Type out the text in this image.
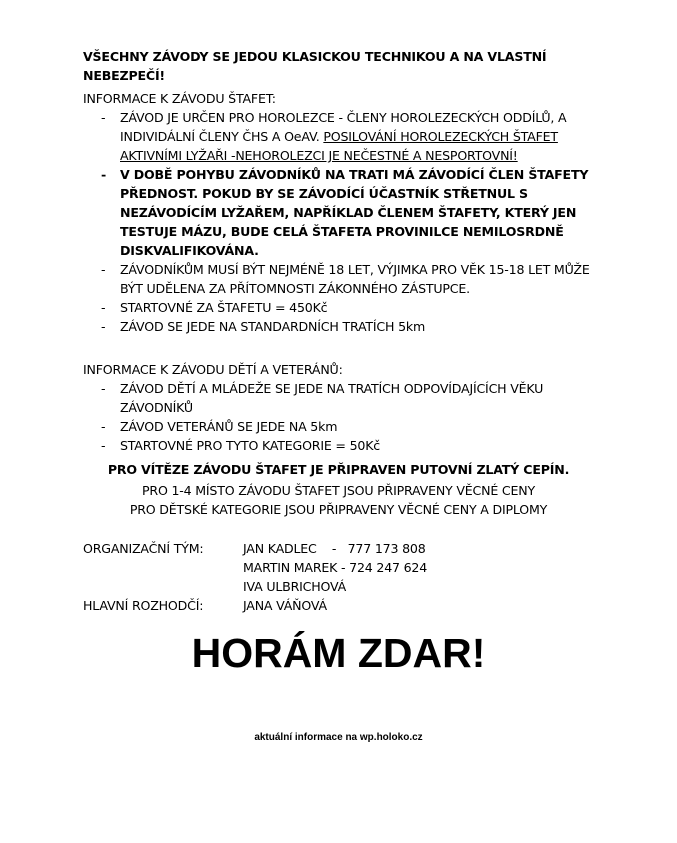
VŠECHNY ZÁVODY SE JEDOU KLASICKOU TECHNIKOU A NA VLASTNÍ NEBEZPEČÍ!
INFORMACE K ZÁVODU ŠTAFET:
- ZÁVOD JE URČEN PRO HOROLEZCE - ČLENY HOROLEZECKÝCH ODDÍLŮ, A INDIVIDÁLNÍ ČLENY ČHS A OeAV. POSILOVÁNÍ HOROLEZECKÝCH ŠTAFET AKTIVNÍMI LYŽAŘI -NEHOROLEZCI JE NEČESTNÉ A NESPORTOVNÍ!
- V DOBĚ POHYBU ZÁVODNÍKŮ NA TRATI MÁ ZÁVODÍCÍ ČLEN ŠTAFETY PŘEDNOST. POKUD BY SE ZÁVODÍCÍ ÚČASTNÍK STŘETNUL S NEZÁVODÍCÍM LYŽAŘEM, NAPŘÍKLAD ČLENEM ŠTAFETY, KTERÝ JEN TESTUJE MÁZU, BUDE CELÁ ŠTAFETA PROVINILCE NEMILOSRDNĚ DISKVALIFIKOVÁNA.
- ZÁVODNÍKŮM MUSÍ BÝT NEJMÉNĚ 18 LET, VÝJIMKA PRO VĚK 15-18 LET MŮŽE BÝT UDĚLENA ZA PŘÍTOMNOSTI ZÁKONNÉHO ZÁSTUPCE.
- STARTOVNÉ ZA ŠTAFETU = 450Kč
- ZÁVOD SE JEDE NA STANDARDNÍCH TRATÍCH 5km
INFORMACE K ZÁVODU DĚTÍ A VETERÁNŮ:
- ZÁVOD DĚTÍ A MLÁDEŽE SE JEDE NA TRATÍCH ODPOVÍDAJÍCÍCH VĚKU ZÁVODNÍKŮ
- ZÁVOD VETERÁNŮ SE JEDE NA 5km
- STARTOVNÉ PRO TYTO KATEGORIE = 50Kč
PRO VÍTĚZE ZÁVODU ŠTAFET JE PŘIPRAVEN PUTOVNÍ ZLATÝ CEPÍN.
PRO 1-4 MÍSTO ZÁVODU ŠTAFET JSOU PŘIPRAVENY VĚCNÉ CENY
PRO DĚTSKÉ KATEGORIE JSOU PŘIPRAVENY VĚCNÉ CENY A DIPLOMY
ORGANIZAČNÍ TÝM:	JAN KADLEC    -   777 173 808
MARTIN MAREK - 724 247 624
IVA ULBRICHOVÁ
HLAVNÍ ROZHODČÍ:	JANA VÁŇOVÁ
HORÁM ZDAR!
aktuální informace na wp.holoko.cz
